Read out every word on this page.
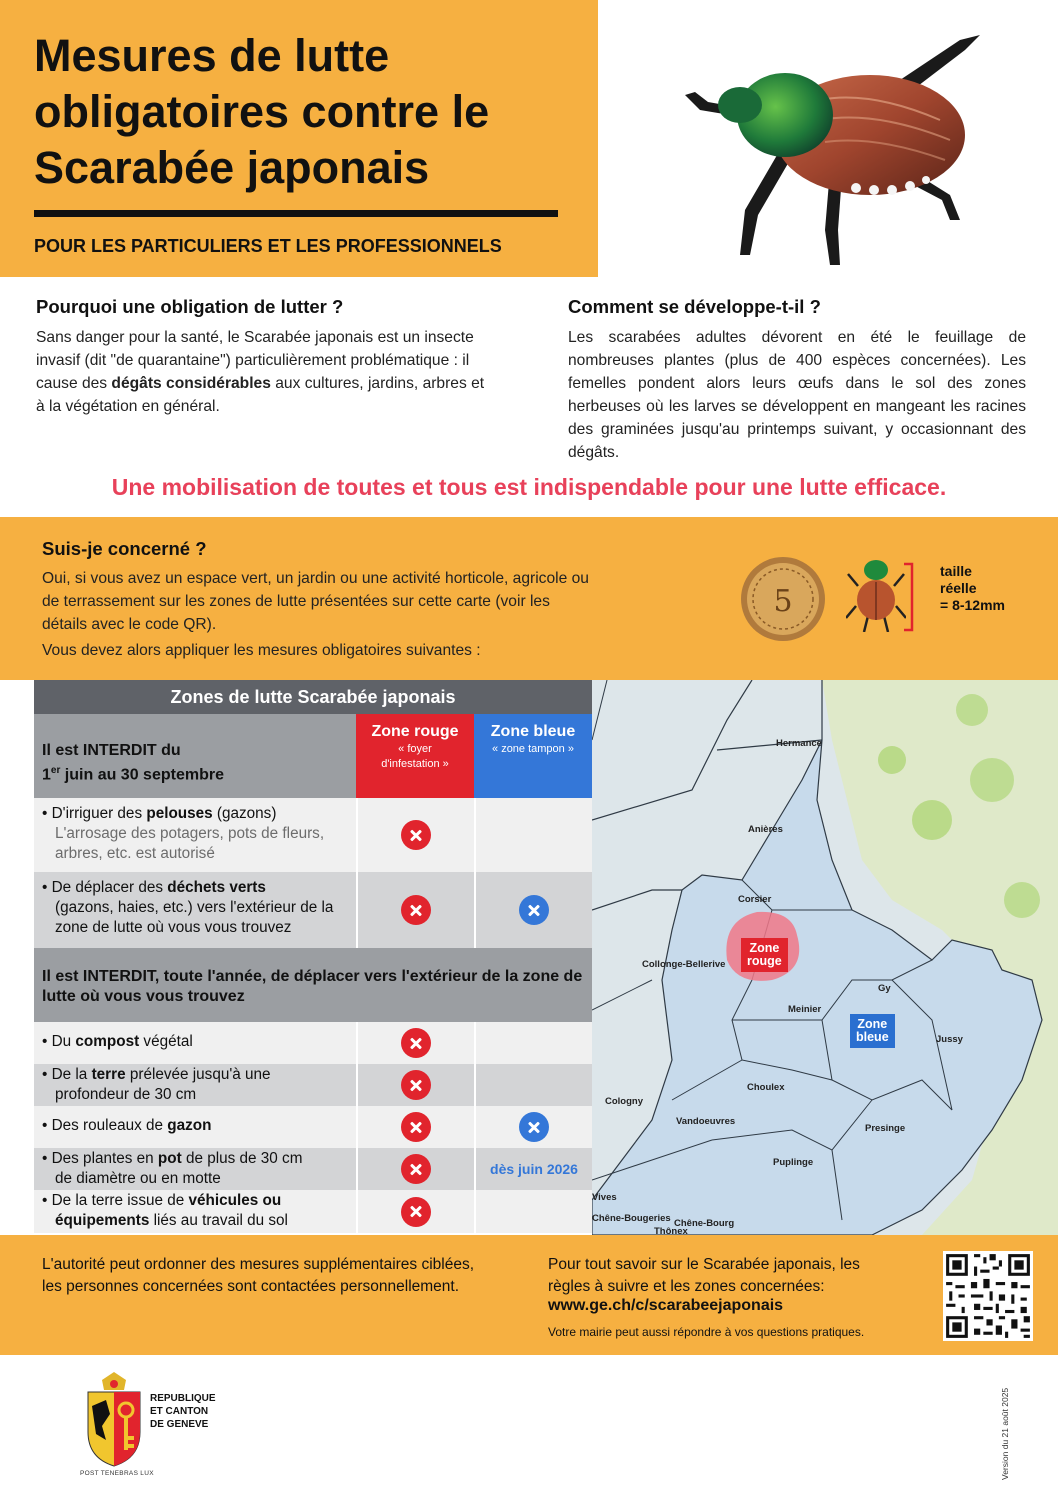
Mesures de lutte
obligatoires contre le
Scarabée japonais
POUR LES PARTICULIERS ET LES PROFESSIONNELS
Pourquoi une obligation de lutter ?
Sans danger pour la santé, le Scarabée japonais est un insecte invasif (dit "de quarantaine") particulièrement problématique : il cause des dégâts considérables aux cultures, jardins, arbres et à la végétation en général.
Comment se développe-t-il ?
Les scarabées adultes dévorent en été le feuillage de nombreuses plantes (plus de 400 espèces concernées). Les femelles pondent alors leurs œufs dans le sol des zones herbeuses où les larves se développent en mangeant les racines des graminées jusqu'au printemps suivant, y occasionnant des dégâts.
Une mobilisation de toutes et tous est indispendable pour une lutte efficace.
Suis-je concerné ?
Oui, si vous avez un espace vert, un jardin ou une activité horticole, agricole ou de terrassement sur les zones de lutte présentées sur cette carte (voir les détails avec le code QR).
Vous devez alors appliquer les mesures obligatoires suivantes :
5
taille
réelle
= 8-12mm
Hermance
Anières
Corsier
Collonge-Bellerive
Gy
Meinier
Jussy
Choulex
Cologny
Vandoeuvres
Presinge
Puplinge
Vives
Chêne-Bougeries Chêne-Bourg
Thônex
Zone
rouge
Zone
bleue
Zones de lutte Scarabée japonais
Il est INTERDIT du
1er juin au 30 septembre
Zone rouge
« foyer
d'infestation »
Zone bleue
« zone tampon »
• D'irriguer des pelouses (gazons)
L'arrosage des potagers, pots de fleurs, arbres, etc. est autorisé
• De déplacer des déchets verts
(gazons, haies, etc.) vers l'extérieur de la zone de lutte où vous vous trouvez
Il est INTERDIT, toute l'année, de déplacer vers l'extérieur de la zone de lutte où vous vous trouvez
• Du compost végétal
• De la terre prélevée jusqu'à une
profondeur de 30 cm
• Des rouleaux de gazon
• Des plantes en pot de plus de 30 cm
de diamètre ou en motte
dès juin 2026
• De la terre issue de véhicules ou
équipements liés au travail du sol
L'autorité peut ordonner des mesures supplémentaires ciblées,
les personnes concernées sont contactées personnellement.
Pour tout savoir sur le Scarabée japonais, les
règles à suivre et les zones concernées:
www.ge.ch/c/scarabeejaponais
Votre mairie peut aussi répondre à vos questions pratiques.
REPUBLIQUE
ET CANTON
DE GENEVE
POST TENEBRAS LUX	Version du 21 août 2025
